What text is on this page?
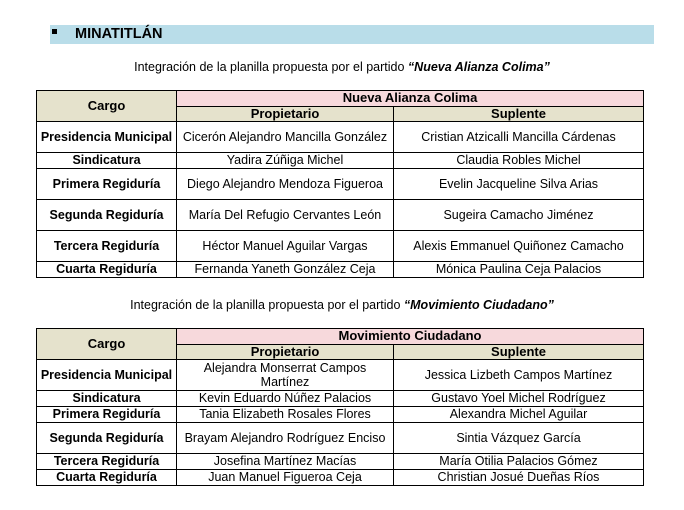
MINATITLÁN
Integración de la planilla propuesta por el partido “Nueva Alianza Colima”
Cargo	Nueva Alianza Colima	
	Propietario	Suplente
Presidencia Municipal	Cicerón Alejandro Mancilla González	Cristian Atzicalli Mancilla Cárdenas
Sindicatura	Yadira Zúñiga Michel	Claudia Robles Michel
Primera Regiduría	Diego Alejandro Mendoza Figueroa	Evelin Jacqueline Silva Arias
Segunda Regiduría	María Del Refugio Cervantes León	Sugeira Camacho Jiménez
Tercera Regiduría	Héctor Manuel Aguilar Vargas	Alexis Emmanuel Quiñonez Camacho
Cuarta Regiduría	Fernanda Yaneth González Ceja	Mónica Paulina Ceja Palacios
Integración de la planilla propuesta por el partido “Movimiento Ciudadano”
Cargo	Movimiento Ciudadano	
	Propietario	Suplente
Presidencia Municipal	Alejandra Monserrat Campos Martínez	Jessica Lizbeth Campos Martínez
Sindicatura	Kevin Eduardo Núñez Palacios	Gustavo Yoel Michel Rodríguez
Primera Regiduría	Tania Elizabeth Rosales Flores	Alexandra Michel Aguilar
Segunda Regiduría	Brayam Alejandro Rodríguez Enciso	Sintia Vázquez García
Tercera Regiduría	Josefina Martínez Macías	María Otilia Palacios Gómez
Cuarta Regiduría	Juan Manuel Figueroa Ceja	Christian Josué Dueñas Ríos
